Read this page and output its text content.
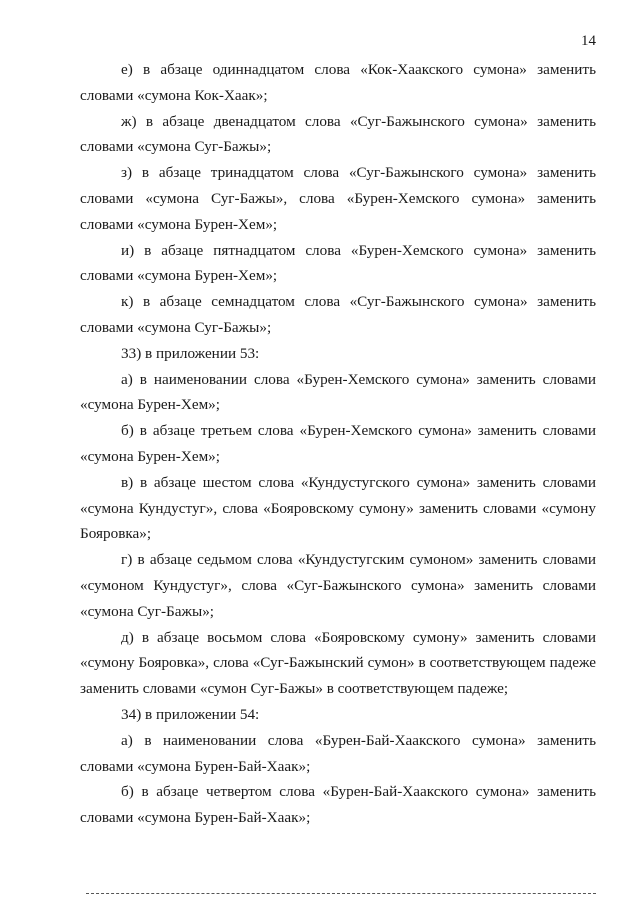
14
е) в абзаце одиннадцатом слова «Кок-Хаакского сумона» заменить
словами «сумона Кок-Хаак»;
ж) в абзаце двенадцатом слова «Суг-Бажынского сумона» заменить
словами «сумона Суг-Бажы»;
з) в абзаце тринадцатом слова «Суг-Бажынского сумона» заменить
словами «сумона Суг-Бажы», слова «Бурен-Хемского сумона» заменить
словами «сумона Бурен-Хем»;
и) в абзаце пятнадцатом слова «Бурен-Хемского сумона» заменить
словами «сумона Бурен-Хем»;
к) в абзаце семнадцатом слова «Суг-Бажынского сумона» заменить
словами «сумона Суг-Бажы»;
33) в приложении 53:
а) в наименовании слова «Бурен-Хемского сумона» заменить словами
«сумона Бурен-Хем»;
б) в абзаце третьем слова «Бурен-Хемского сумона» заменить словами
«сумона Бурен-Хем»;
в) в абзаце шестом слова «Кундустугского сумона» заменить словами
«сумона Кундустуг», слова «Бояровскому сумону» заменить словами «сумону
Бояровка»;
г) в абзаце седьмом слова «Кундустугским сумоном» заменить словами
«сумоном Кундустуг», слова «Суг-Бажынского сумона» заменить словами
«сумона Суг-Бажы»;
д) в абзаце восьмом слова «Бояровскому сумону» заменить словами
«сумону Бояровка», слова «Суг-Бажынский сумон» в соответствующем падеже
заменить словами «сумон Суг-Бажы» в соответствующем падеже;
34) в приложении 54:
а) в наименовании слова «Бурен-Бай-Хаакского сумона» заменить
словами «сумона Бурен-Бай-Хаак»;
б) в абзаце четвертом слова «Бурен-Бай-Хаакского сумона» заменить
словами «сумона Бурен-Бай-Хаак»;
